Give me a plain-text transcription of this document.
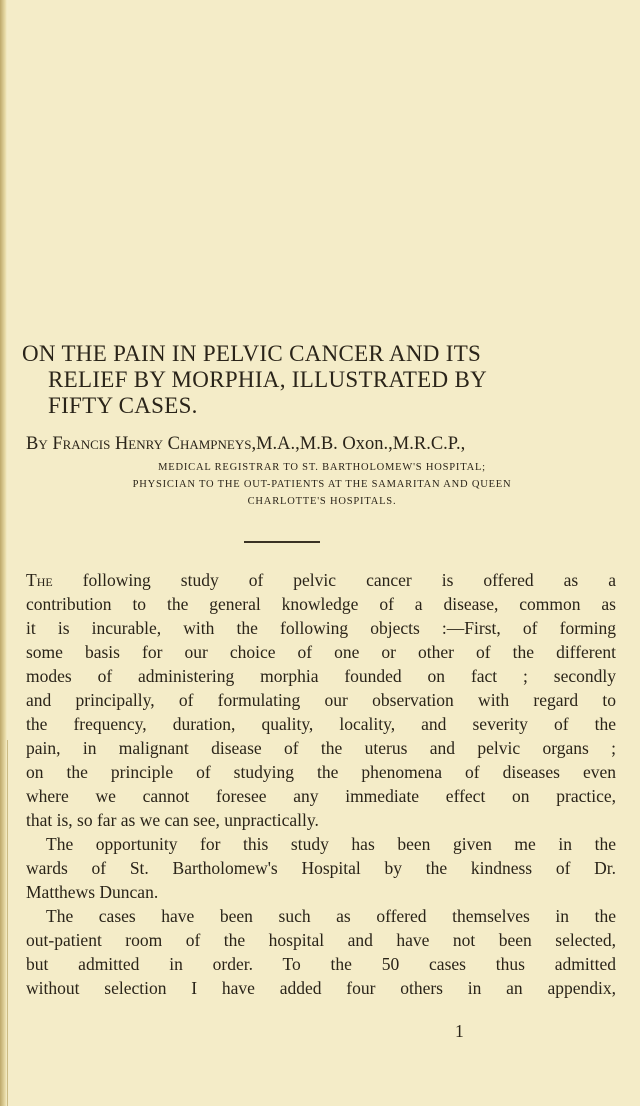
ON THE PAIN IN PELVIC CANCER AND ITS
RELIEF BY MORPHIA, ILLUSTRATED BY
FIFTY CASES.
By Francis Henry Champneys,M.A.,M.B. Oxon.,M.R.C.P.,
MEDICAL REGISTRAR TO ST. BARTHOLOMEW'S HOSPITAL;
PHYSICIAN TO THE OUT-PATIENTS AT THE SAMARITAN AND QUEEN
CHARLOTTE'S HOSPITALS.
The following study of pelvic cancer is offered as a
contribution to the general knowledge of a disease, common as
it is incurable, with the following objects :—First, of forming
some basis for our choice of one or other of the different
modes of administering morphia founded on fact ; secondly
and principally, of formulating our observation with regard to
the frequency, duration, quality, locality, and severity of the
pain, in malignant disease of the uterus and pelvic organs ;
on the principle of studying the phenomena of diseases even
where we cannot foresee any immediate effect on practice,
that is, so far as we can see, unpractically.
The opportunity for this study has been given me in the
wards of St. Bartholomew's Hospital by the kindness of Dr.
Matthews Duncan.
The cases have been such as offered themselves in the
out-patient room of the hospital and have not been selected,
but admitted in order. To the 50 cases thus admitted
without selection I have added four others in an appendix,
1
